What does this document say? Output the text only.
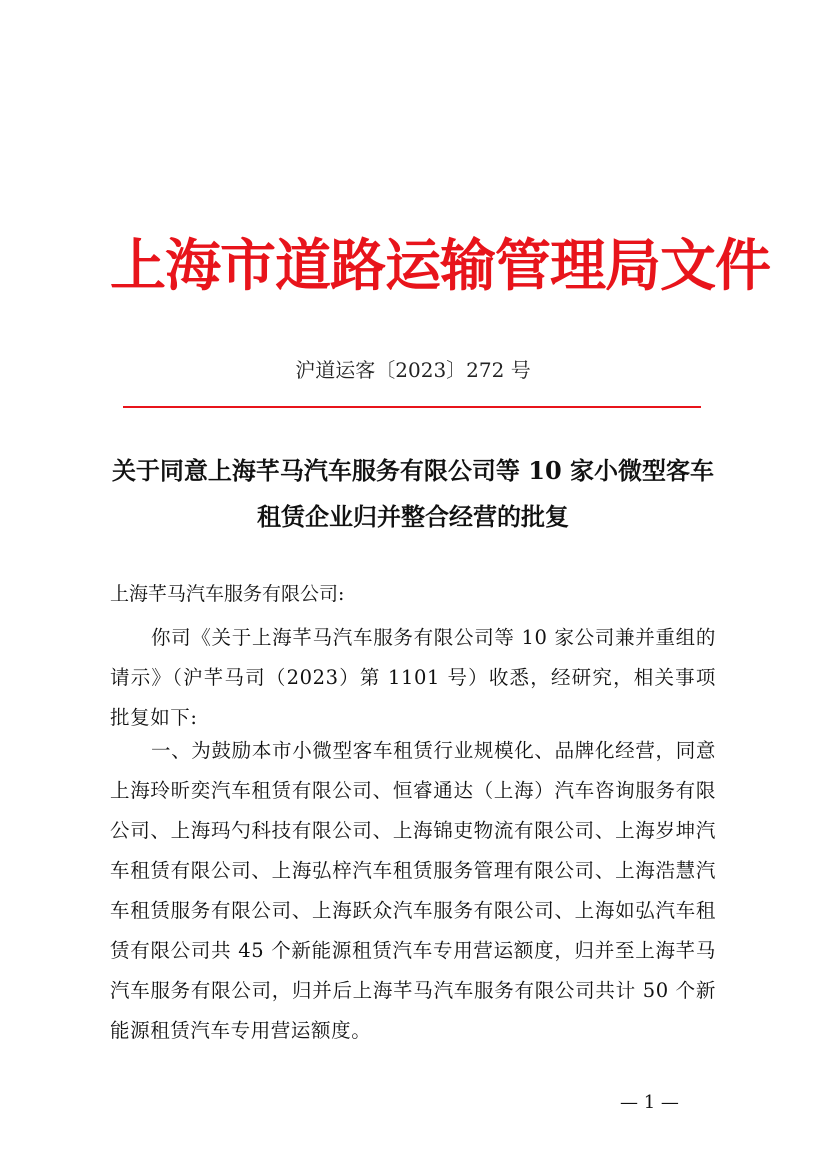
上海市道路运输管理局文件
沪道运客〔2023〕272 号
关于同意上海芊马汽车服务有限公司等 10 家小微型客车
租赁企业归并整合经营的批复
上海芊马汽车服务有限公司:

你司《关于上海芊马汽车服务有限公司等 10 家公司兼并重组的请示》（沪芊马司（2023）第 1101 号）收悉，经研究，相关事项批复如下:

一、为鼓励本市小微型客车租赁行业规模化、品牌化经营，同意上海玲昕奕汽车租赁有限公司、恒睿通达（上海）汽车咨询服务有限公司、上海玛勺科技有限公司、上海锦吏物流有限公司、上海岁坤汽车租赁有限公司、上海弘梓汽车租赁服务管理有限公司、上海浩慧汽车租赁服务有限公司、上海跃众汽车服务有限公司、上海如弘汽车租赁有限公司共 45 个新能源租赁汽车专用营运额度，归并至上海芊马汽车服务有限公司，归并后上海芊马汽车服务有限公司共计 50 个新能源租赁汽车专用营运额度。

— 1 —
